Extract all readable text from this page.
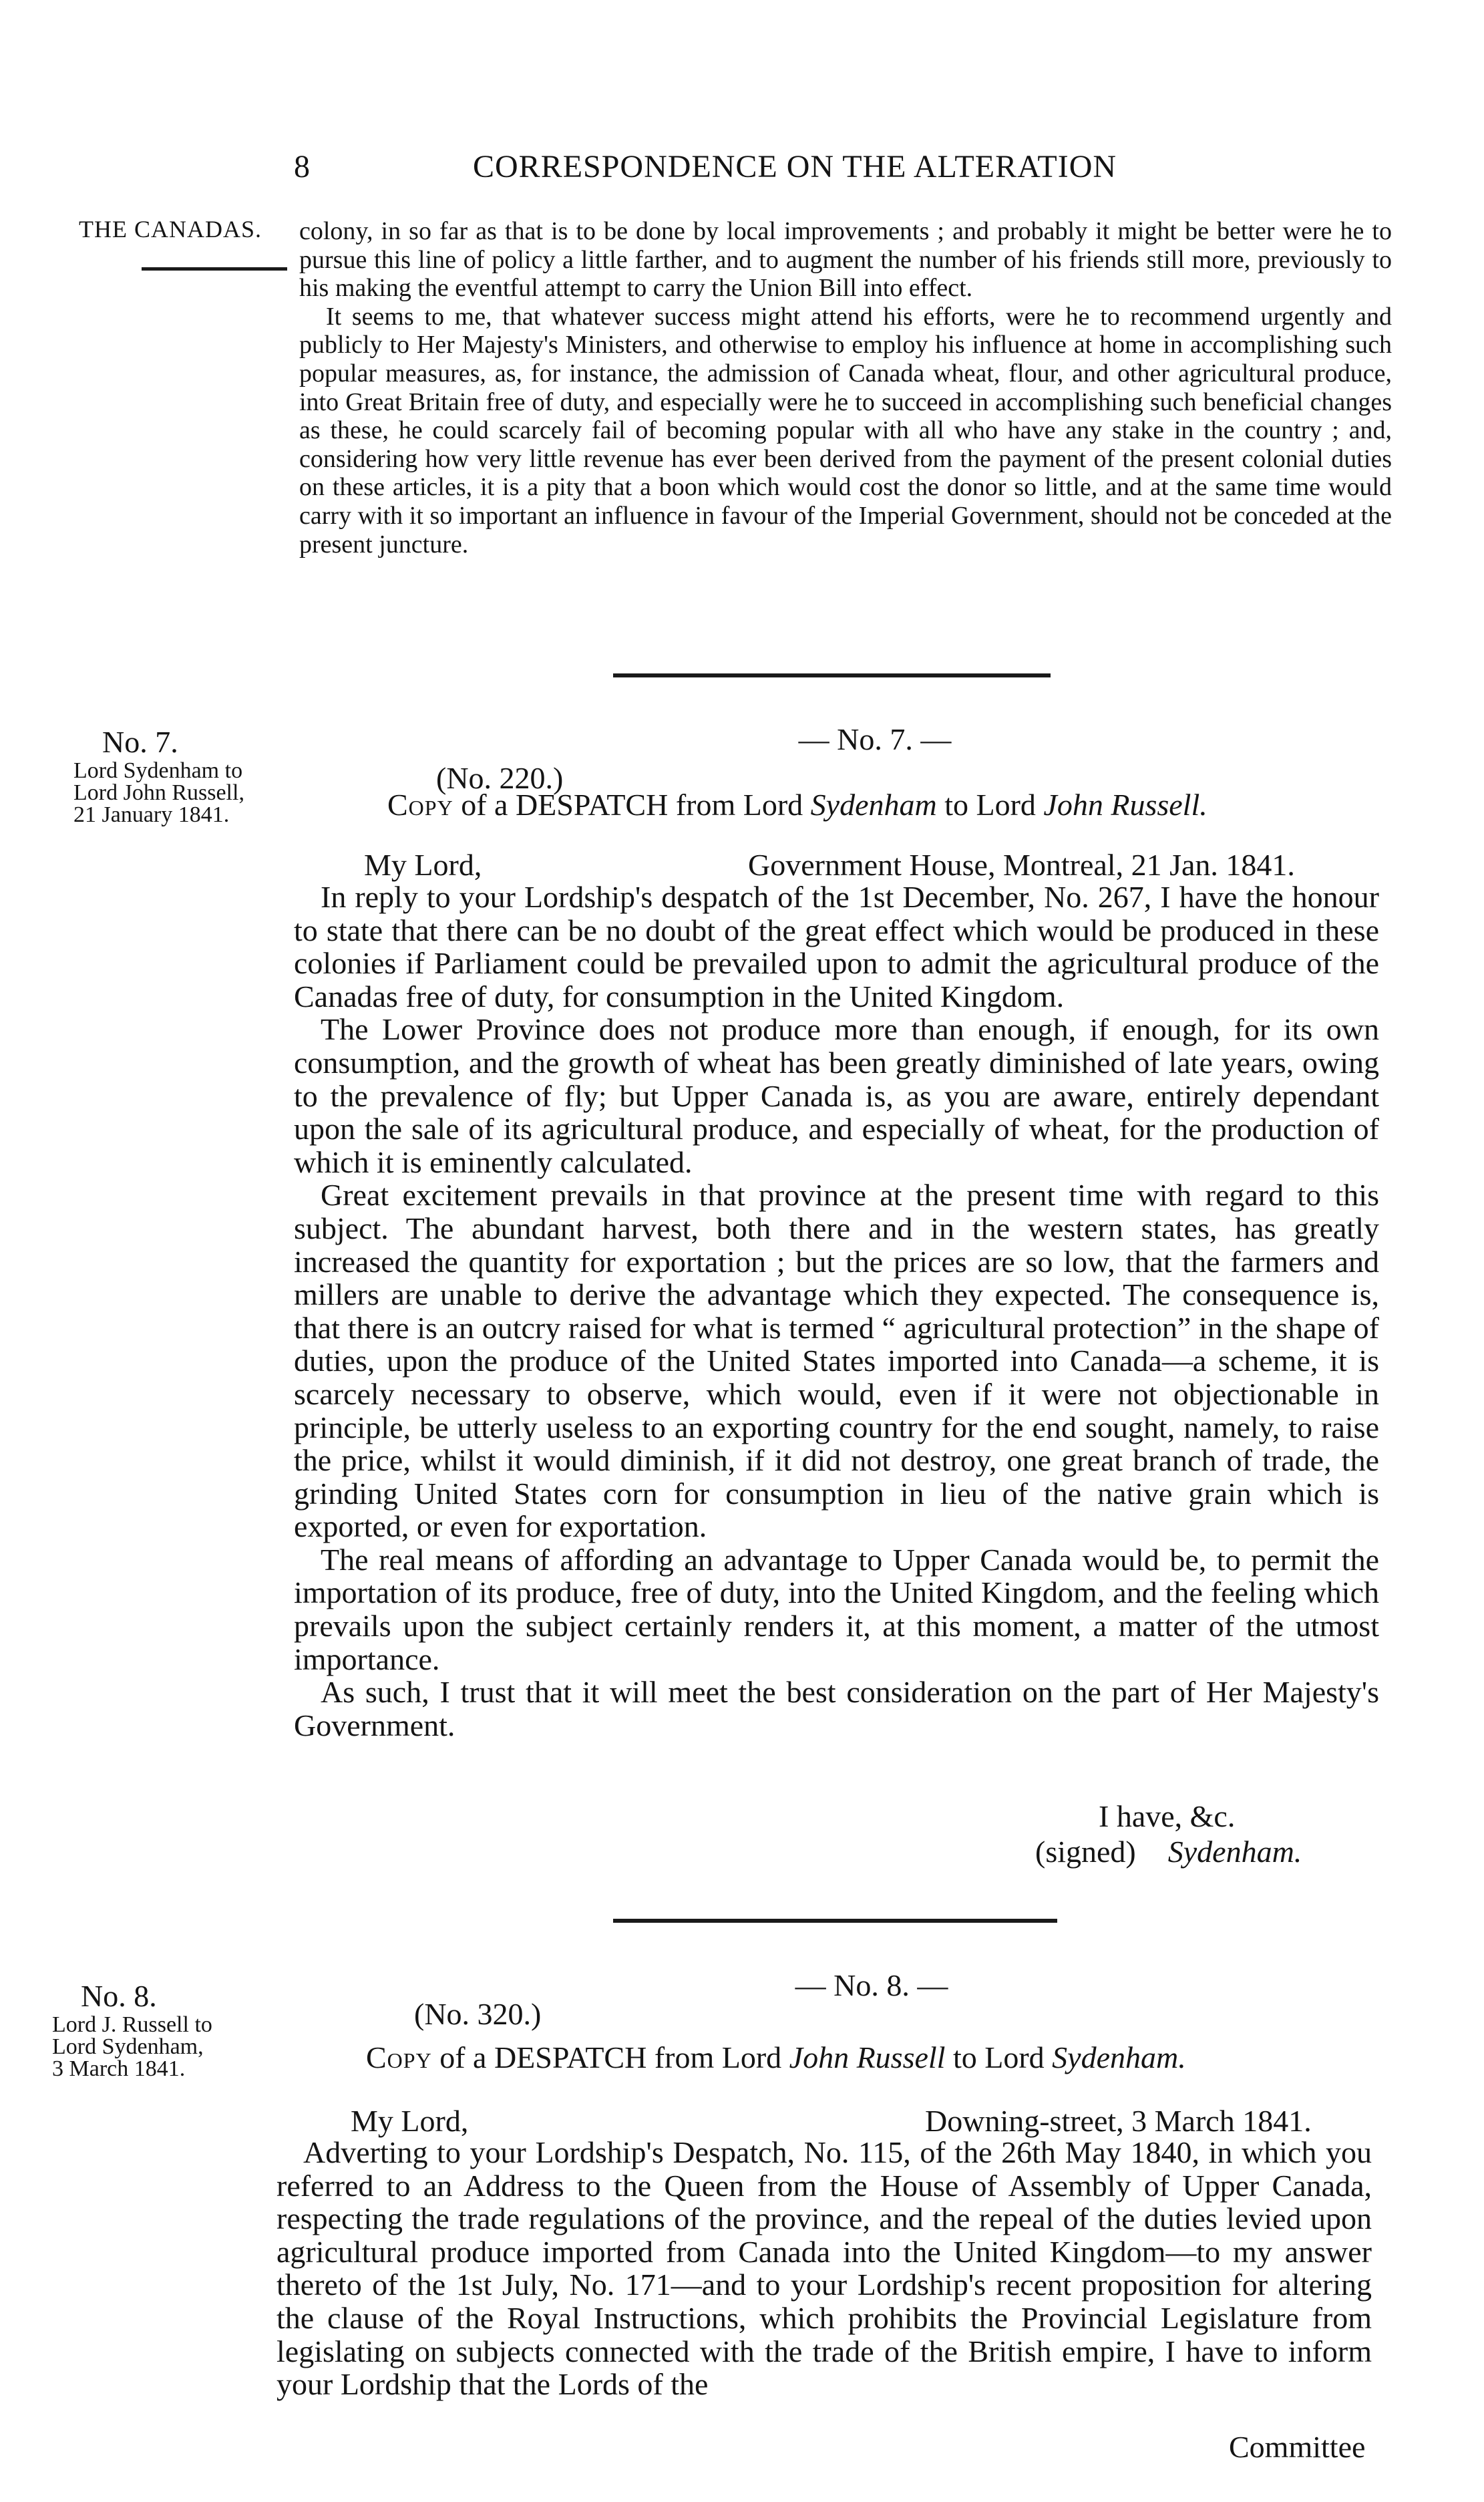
8	CORRESPONDENCE ON THE ALTERATION
THE CANADAS. colony, in so far as that is to be done by local improvements ; and probably it might be better were he to pursue this line of policy a little farther, and to augment the number of his friends still more, previously to his making the eventful attempt to carry the Union Bill into effect.

It seems to me, that whatever success might attend his efforts, were he to recommend urgently and publicly to Her Majesty's Ministers, and otherwise to employ his influence at home in accomplishing such popular measures, as, for instance, the admission of Canada wheat, flour, and other agricultural produce, into Great Britain free of duty, and especially were he to succeed in accomplishing such beneficial changes as these, he could scarcely fail of becoming popular with all who have any stake in the country ; and, considering how very little revenue has ever been derived from the payment of the present colonial duties on these articles, it is a pity that a boon which would cost the donor so little, and at the same time would carry with it so important an influence in favour of the Imperial Government, should not be conceded at the present juncture.

No. 7.
Lord Sydenham to
Lord John Russell,
21 January 1841.
— No. 7. —
(No. 220.)
Copy of a DESPATCH from Lord Sydenham to Lord John Russell.
My Lord,	Government House, Montreal, 21 Jan. 1841.

In reply to your Lordship's despatch of the 1st December, No. 267, I have the honour to state that there can be no doubt of the great effect which would be produced in these colonies if Parliament could be prevailed upon to admit the agricultural produce of the Canadas free of duty, for consumption in the United Kingdom.

The Lower Province does not produce more than enough, if enough, for its own consumption, and the growth of wheat has been greatly diminished of late years, owing to the prevalence of fly; but Upper Canada is, as you are aware, entirely dependant upon the sale of its agricultural produce, and especially of wheat, for the production of which it is eminently calculated.

Great excitement prevails in that province at the present time with regard to this subject. The abundant harvest, both there and in the western states, has greatly increased the quantity for exportation ; but the prices are so low, that the farmers and millers are unable to derive the advantage which they expected. The consequence is, that there is an outcry raised for what is termed “ agricultural protection” in the shape of duties, upon the produce of the United States imported into Canada—a scheme, it is scarcely necessary to observe, which would, even if it were not objectionable in principle, be utterly useless to an exporting country for the end sought, namely, to raise the price, whilst it would diminish, if it did not destroy, one great branch of trade, the grinding United States corn for consumption in lieu of the native grain which is exported, or even for exportation.

The real means of affording an advantage to Upper Canada would be, to permit the importation of its produce, free of duty, into the United Kingdom, and the feeling which prevails upon the subject certainly renders it, at this moment, a matter of the utmost importance.

As such, I trust that it will meet the best consideration on the part of Her Majesty's Government.

I have, &c.
(signed) Sydenham.
No. 8.
Lord J. Russell to
Lord Sydenham,
3 March 1841.
— No. 8. —
(No. 320.)
Copy of a DESPATCH from Lord John Russell to Lord Sydenham.
My Lord,	Downing-street, 3 March 1841.

Adverting to your Lordship's Despatch, No. 115, of the 26th May 1840, in which you referred to an Address to the Queen from the House of Assembly of Upper Canada, respecting the trade regulations of the province, and the repeal of the duties levied upon agricultural produce imported from Canada into the United Kingdom—to my answer thereto of the 1st July, No. 171—and to your Lordship's recent proposition for altering the clause of the Royal Instructions, which prohibits the Provincial Legislature from legislating on subjects connected with the trade of the British empire, I have to inform your Lordship that the Lords of the

Committee
